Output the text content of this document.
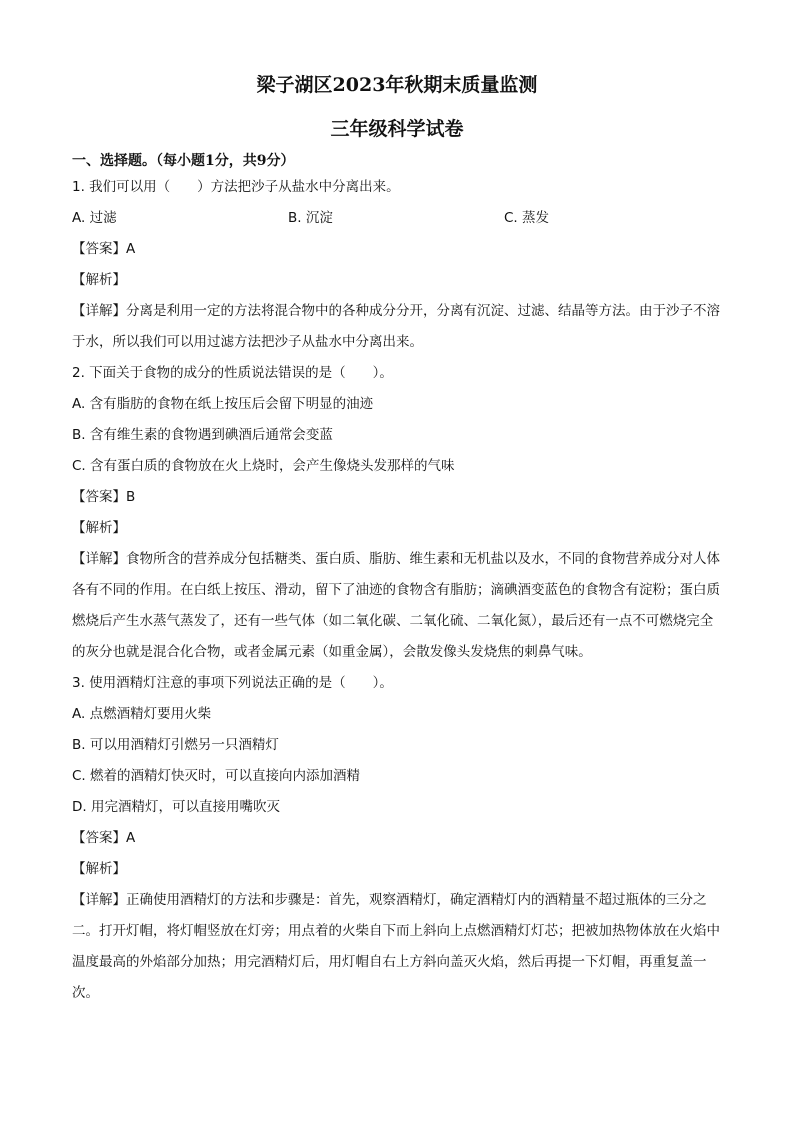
梁子湖区2023年秋期末质量监测
三年级科学试卷
一、选择题。（每小题1分，共9分）
1. 我们可以用（　　）方法把沙子从盐水中分离出来。
A. 过滤	B. 沉淀	C. 蒸发
【答案】A
【解析】
【详解】分离是利用一定的方法将混合物中的各种成分分开，分离有沉淀、过滤、结晶等方法。由于沙子不溶于水，所以我们可以用过滤方法把沙子从盐水中分离出来。
2. 下面关于食物的成分的性质说法错误的是（　　）。
A. 含有脂肪的食物在纸上按压后会留下明显的油迹
B. 含有维生素的食物遇到碘酒后通常会变蓝
C. 含有蛋白质的食物放在火上烧时，会产生像烧头发那样的气味
【答案】B
【解析】
【详解】食物所含的营养成分包括糖类、蛋白质、脂肪、维生素和无机盐以及水，不同的食物营养成分对人体各有不同的作用。在白纸上按压、滑动，留下了油迹的食物含有脂肪；滴碘酒变蓝色的食物含有淀粉；蛋白质燃烧后产生水蒸气蒸发了，还有一些气体（如二氧化碳、二氧化硫、二氧化氮），最后还有一点不可燃烧完全的灰分也就是混合化合物，或者金属元素（如重金属），会散发像头发烧焦的刺鼻气味。
3. 使用酒精灯注意的事项下列说法正确的是（　　）。
A. 点燃酒精灯要用火柴
B. 可以用酒精灯引燃另一只酒精灯
C. 燃着的酒精灯快灭时，可以直接向内添加酒精
D. 用完酒精灯，可以直接用嘴吹灭
【答案】A
【解析】
【详解】正确使用酒精灯的方法和步骤是：首先，观察酒精灯，确定酒精灯内的酒精量不超过瓶体的三分之二。打开灯帽，将灯帽竖放在灯旁；用点着的火柴自下而上斜向上点燃酒精灯灯芯；把被加热物体放在火焰中温度最高的外焰部分加热；用完酒精灯后，用灯帽自右上方斜向盖灭火焰，然后再提一下灯帽，再重复盖一次。
